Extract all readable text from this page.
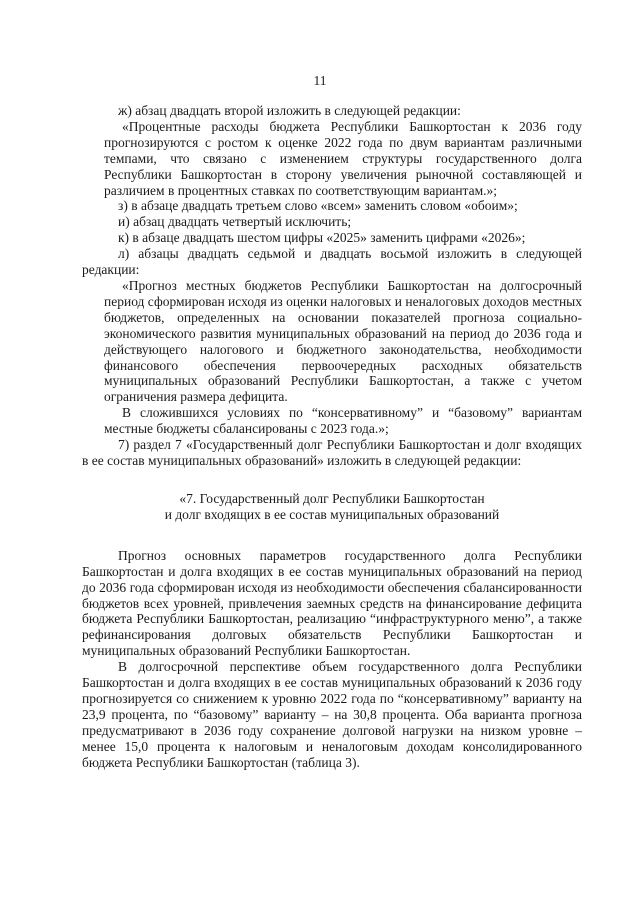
11

ж) абзац двадцать второй изложить в следующей редакции:

«Процентные расходы бюджета Республики Башкортостан к 2036 году прогнозируются с ростом к оценке 2022 года по двум вариантам различными темпами, что связано с изменением структуры государственного долга Республики Башкортостан в сторону увеличения рыночной составляющей и различием в процентных ставках по соответствующим вариантам.»;

з) в абзаце двадцать третьем слово «всем» заменить словом «обоим»;

и) абзац двадцать четвертый исключить;

к) в абзаце двадцать шестом цифры «2025» заменить цифрами «2026»;

л) абзацы двадцать седьмой и двадцать восьмой изложить в следующей редакции:

«Прогноз местных бюджетов Республики Башкортостан на долгосрочный период сформирован исходя из оценки налоговых и неналоговых доходов местных бюджетов, определенных на основании показателей прогноза социально-экономического развития муниципальных образований на период до 2036 года и действующего налогового и бюджетного законодательства, необходимости финансового обеспечения первоочередных расходных обязательств муниципальных образований Республики Башкортостан, а также с учетом ограничения размера дефицита.

В сложившихся условиях по “консервативному” и “базовому” вариантам местные бюджеты сбалансированы с 2023 года.»;

7) раздел 7 «Государственный долг Республики Башкортостан и долг входящих в ее состав муниципальных образований» изложить в следующей редакции:

«7. Государственный долг Республики Башкортостан
и долг входящих в ее состав муниципальных образований

Прогноз основных параметров государственного долга Республики Башкортостан и долга входящих в ее состав муниципальных образований на период до 2036 года сформирован исходя из необходимости обеспечения сбалансированности бюджетов всех уровней, привлечения заемных средств на финансирование дефицита бюджета Республики Башкортостан, реализацию “инфраструктурного меню”, а также рефинансирования долговых обязательств Республики Башкортостан и муниципальных образований Республики Башкортостан.

В долгосрочной перспективе объем государственного долга Республики Башкортостан и долга входящих в ее состав муниципальных образований к 2036 году прогнозируется со снижением к уровню 2022 года по “консервативному” варианту на 23,9 процента, по “базовому” варианту – на 30,8 процента. Оба варианта прогноза предусматривают в 2036 году сохранение долговой нагрузки на низком уровне – менее 15,0 процента к налоговым и неналоговым доходам консолидированного бюджета Республики Башкортостан (таблица 3).
